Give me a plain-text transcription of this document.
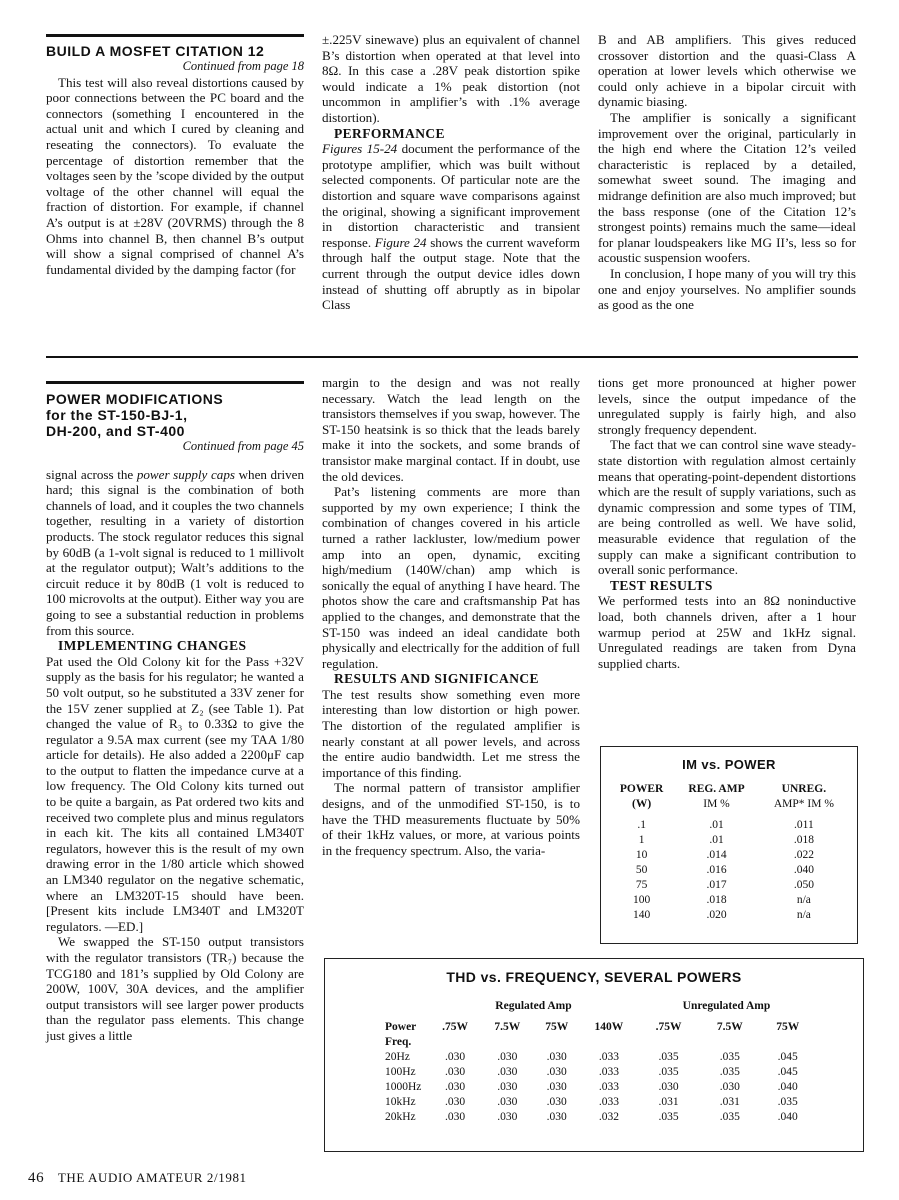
BUILD A MOSFET CITATION 12

Continued from page 18

This test will also reveal distortions caused by poor connections between the PC board and the connectors (something I encountered in the actual unit and which I cured by cleaning and reseating the connectors). To evaluate the percentage of distortion remember that the voltages seen by the ’scope divided by the output voltage of the other channel will equal the fraction of distortion. For example, if channel A’s output is at ±28V (20VRMS) through the 8 Ohms into channel B, then channel B’s output will show a signal comprised of channel A’s fundamental divided by the damping factor (for

±.225V sinewave) plus an equivalent of channel B’s distortion when operated at that level into 8Ω. In this case a .28V peak distortion spike would indicate a 1% peak distortion (not uncommon in amplifier’s with .1% average distortion).

PERFORMANCE

Figures 15-24 document the performance of the prototype amplifier, which was built without selected components. Of particular note are the distortion and square wave comparisons against the original, showing a significant improvement in distortion characteristic and transient response. Figure 24 shows the current waveform through half the output stage. Note that the current through the output device idles down instead of shutting off abruptly as in bipolar Class

B and AB amplifiers. This gives reduced crossover distortion and the quasi-Class A operation at lower levels which otherwise we could only achieve in a bipolar circuit with dynamic biasing.

The amplifier is sonically a significant improvement over the original, particularly in the high end where the Citation 12’s veiled characteristic is replaced by a detailed, somewhat sweet sound. The imaging and midrange definition are also much improved; but the bass response (one of the Citation 12’s strongest points) remains much the same—ideal for planar loudspeakers like MG II’s, less so for acoustic suspension woofers.

In conclusion, I hope many of you will try this one and enjoy yourselves. No amplifier sounds as good as the one

POWER MODIFICATIONS

for the ST-150-BJ-1,

DH-200, and ST-400

Continued from page 45

signal across the power supply caps when driven hard; this signal is the combination of both channels of load, and it couples the two channels together, resulting in a variety of distortion products. The stock regulator reduces this signal by 60dB (a 1-volt signal is reduced to 1 millivolt at the regulator output); Walt’s additions to the circuit reduce it by 80dB (1 volt is reduced to 100 microvolts at the output). Either way you are going to see a substantial reduction in problems from this source.

IMPLEMENTING CHANGES

Pat used the Old Colony kit for the Pass +32V supply as the basis for his regulator; he wanted a 50 volt output, so he substituted a 33V zener for the 15V zener supplied at Z₂ (see Table 1). Pat changed the value of R₃ to 0.33Ω to give the regulator a 9.5A max current (see my TAA 1/80 article for details). He also added a 2200μF cap to the output to flatten the impedance curve at a low frequency. The Old Colony kits turned out to be quite a bargain, as Pat ordered two kits and received two complete plus and minus regulators in each kit. The kits all contained LM340T regulators, however this is the result of my own drawing error in the 1/80 article which showed an LM340 regulator on the negative schematic, where an LM320T-15 should have been. [Present kits include LM340T and LM320T regulators. —ED.]

We swapped the ST-150 output transistors with the regulator transistors (TR₇) because the TCG180 and 181’s supplied by Old Colony are 200W, 100V, 30A devices, and the amplifier output transistors will see larger power products than the regulator pass elements. This change just gives a little

margin to the design and was not really necessary. Watch the lead length on the transistors themselves if you swap, however. The ST-150 heatsink is so thick that the leads barely make it into the sockets, and some brands of transistor make marginal contact. If in doubt, use the old devices.

Pat’s listening comments are more than supported by my own experience; I think the combination of changes covered in his article turned a rather lackluster, low/medium power amp into an open, dynamic, exciting high/medium (140W/chan) amp which is sonically the equal of anything I have heard. The photos show the care and craftsmanship Pat has applied to the changes, and demonstrate that the ST-150 was indeed an ideal candidate both physically and electrically for the addition of full regulation.

RESULTS AND SIGNIFICANCE

The test results show something even more interesting than low distortion or high power. The distortion of the regulated amplifier is nearly constant at all power levels, and across the entire audio bandwidth. Let me stress the importance of this finding.

The normal pattern of transistor amplifier designs, and of the unmodified ST-150, is to have the THD measurements fluctuate by 50% of their 1kHz values, or more, at various points in the frequency spectrum. Also, the varia-

tions get more pronounced at higher power levels, since the output impedance of the unregulated supply is fairly high, and also strongly frequency dependent.

The fact that we can control sine wave steady-state distortion with regulation almost certainly means that operating-point-dependent distortions which are the result of supply variations, such as dynamic compression and some types of TIM, are being controlled as well. We have solid, measurable evidence that regulation of the supply can make a significant contribution to overall sonic performance.

TEST RESULTS

We performed tests into an 8Ω noninductive load, both channels driven, after a 1 hour warmup period at 25W and 1kHz signal. Unregulated readings are taken from Dyna supplied charts.

IM vs. POWER
POWER	REG. AMP	UNREG.
(W)	IM %	AMP* IM %
.1	.01	.011
1	.01	.018
10	.014	.022
50	.016	.040
75	.017	.050
100	.018	n/a
140	.020	n/a
THD vs. FREQUENCY, SEVERAL POWERS
	Regulated Amp				Unregulated Amp		
Power	.75W	7.5W	75W	140W	.75W	7.5W	75W
Freq.							
20Hz	.030	.030	.030	.033	.035	.035	.045
100Hz	.030	.030	.030	.033	.035	.035	.045
1000Hz	.030	.030	.030	.033	.030	.030	.040
10kHz	.030	.030	.030	.033	.031	.031	.035
20kHz	.030	.030	.030	.032	.035	.035	.040
46 THE AUDIO AMATEUR 2/1981
